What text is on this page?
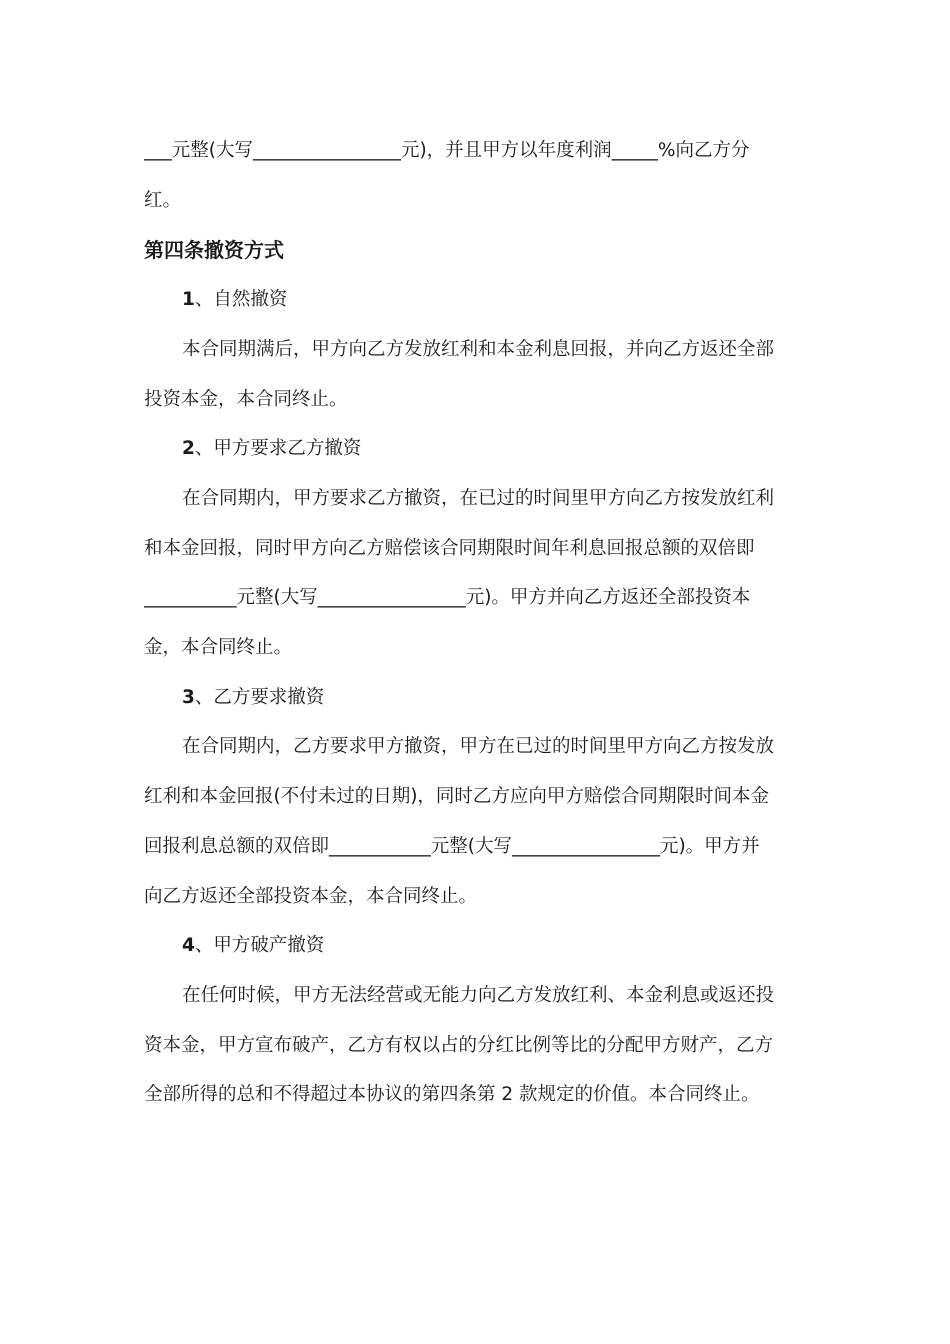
___元整(大写________________元)，并且甲方以年度利润_____%向乙方分
红。
第四条撤资方式
1、自然撤资
本合同期满后，甲方向乙方发放红利和本金利息回报，并向乙方返还全部
投资本金，本合同终止。
2、甲方要求乙方撤资
在合同期内，甲方要求乙方撤资，在已过的时间里甲方向乙方按发放红利
和本金回报，同时甲方向乙方赔偿该合同期限时间年利息回报总额的双倍即
__________元整(大写________________元)。甲方并向乙方返还全部投资本
金，本合同终止。
3、乙方要求撤资
在合同期内，乙方要求甲方撤资，甲方在已过的时间里甲方向乙方按发放
红利和本金回报(不付未过的日期)，同时乙方应向甲方赔偿合同期限时间本金
回报利息总额的双倍即___________元整(大写________________元)。甲方并
向乙方返还全部投资本金，本合同终止。
4、甲方破产撤资
在任何时候，甲方无法经营或无能力向乙方发放红利、本金利息或返还投
资本金，甲方宣布破产，乙方有权以占的分红比例等比的分配甲方财产，乙方
全部所得的总和不得超过本协议的第四条第 2 款规定的价值。本合同终止。
